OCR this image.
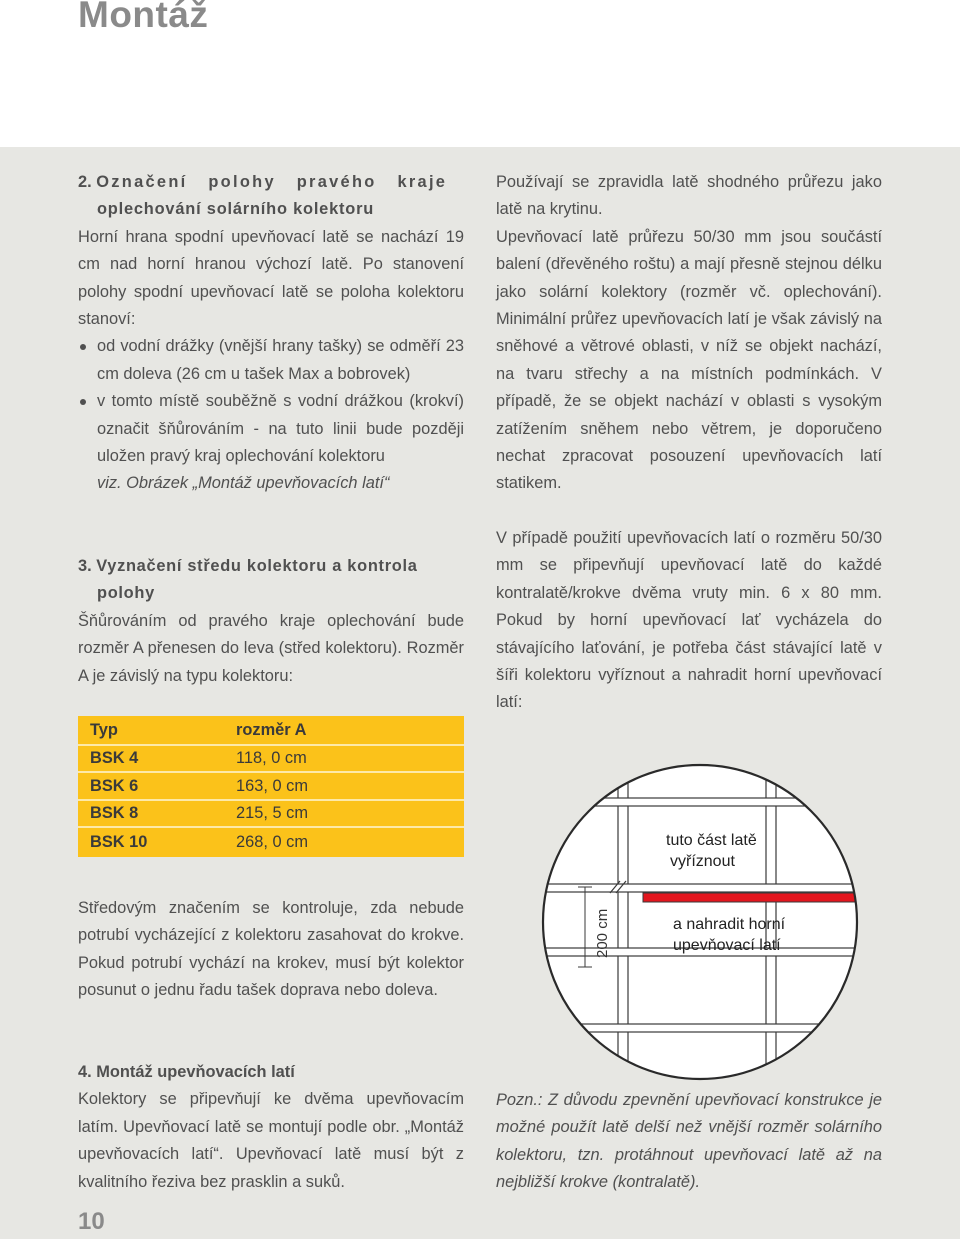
Montáž
2. Označení polohy pravého kraje
oplechování solárního kolektoru
Horní hrana spodní upevňovací latě se nachází 19 cm nad horní hranou výchozí latě. Po stanovení polohy spodní upevňovací latě se poloha kolektoru stanoví:
od vodní drážky (vnější hrany tašky) se odměří 23 cm doleva (26 cm u tašek Max a bobrovek)
v tomto místě souběžně s vodní drážkou (krokví) označit šňůrováním - na tuto linii bude později uložen pravý kraj oplechování kolektoru
viz. Obrázek „Montáž upevňovacích latí“
3. Vyznačení středu kolektoru a kontrola
polohy
Šňůrováním od pravého kraje oplechování bude rozměr A přenesen do leva (střed kolektoru). Rozměr A je závislý na typu kolektoru:
Typ	rozměr A
BSK 4	118, 0 cm
BSK 6	163, 0 cm
BSK 8	215, 5 cm
BSK 10	268, 0 cm
Středovým značením se kontroluje, zda nebude potrubí vycházející z kolektoru zasahovat do krokve. Pokud potrubí vychází na krokev, musí být kolektor posunut o jednu řadu tašek doprava nebo doleva.
4. Montáž upevňovacích latí
Kolektory se připevňují ke dvěma upevňovacím latím. Upevňovací latě se montují podle obr. „Montáž upevňovacích latí“. Upevňovací latě musí být z kvalitního řeziva bez prasklin a suků.
Používají se zpravidla latě shodného průřezu jako latě na krytinu.
Upevňovací latě průřezu 50/30 mm jsou součástí balení (dřevěného roštu) a mají přesně stejnou délku jako solární kolektory (rozměr vč. oplechování). Minimální průřez upevňovacích latí je však závislý na sněhové a větrové oblasti, v níž se objekt nachází, na tvaru střechy a na místních podmínkách. V případě, že se objekt nachází v oblasti s vysokým zatížením sněhem nebo větrem, je doporučeno nechat zpracovat posouzení upevňovacích latí statikem.
V případě použití upevňovacích latí o rozměru 50/30 mm se připevňují upevňovací latě do každé kontralatě/krokve dvěma vruty min. 6 x 80 mm. Pokud by horní upevňovací lať vycházela do stávajícího laťování, je potřeba část stávající latě v šíři kolektoru vyříznout a nahradit horní upevňovací latí:
Pozn.: Z důvodu zpevnění upevňovací konstrukce je možné použít latě delší než vnější rozměr solárního kolektoru, tzn. protáhnout upevňovací latě až na nejbližší krokve (kontralatě).
200 cm
tuto část latě
vyříznout
a nahradit horní
upevňovací latí
10
